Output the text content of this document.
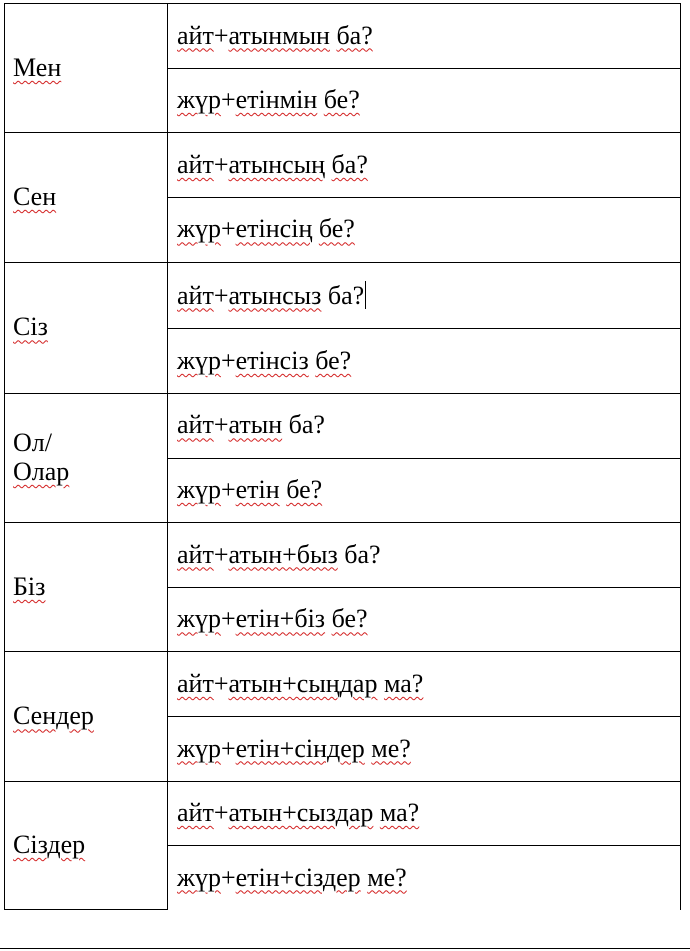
Мен	айт+атынмын ба?
	жүр+етінмін бе?
Сен	айт+атынсың ба?
	жүр+етінсің бе?
Сіз	айт+атынсыз ба?
	жүр+етінсіз бе?
Ол/
Олар	айт+атын ба?
	жүр+етін бе?
Біз	айт+атын+быз ба?
	жүр+етін+біз бе?
Сендер	айт+атын+сыңдар ма?
	жүр+етін+сіндер ме?
Сіздер	айт+атын+сыздар ма?
	жүр+етін+сіздер ме?
